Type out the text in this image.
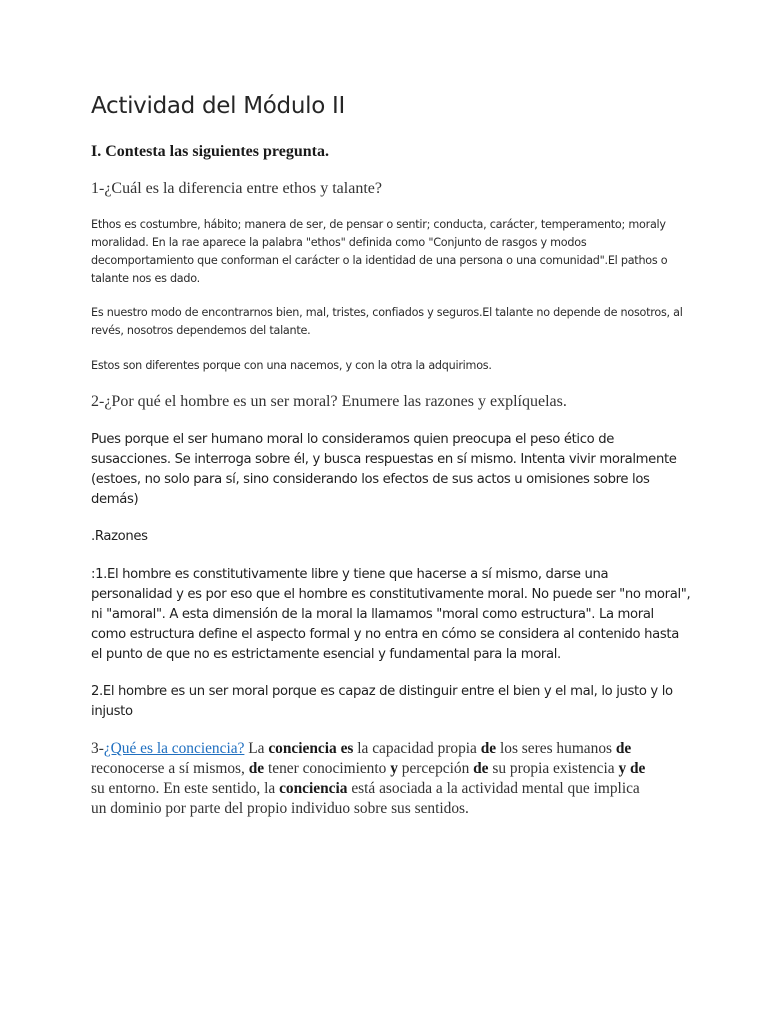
Actividad del Módulo II
I. Contesta las siguientes pregunta.

1-¿Cuál es la diferencia entre ethos y talante?

Ethos es costumbre, hábito; manera de ser, de pensar o sentir; conducta, carácter, temperamento; moraly moralidad. En la rae aparece la palabra "ethos" definida como "Conjunto de rasgos y modos decomportamiento que conforman el carácter o la identidad de una persona o una comunidad".El pathos o talante nos es dado.

Es nuestro modo de encontrarnos bien, mal, tristes, confiados y seguros.El talante no depende de nosotros, al revés, nosotros dependemos del talante.

Estos son diferentes porque con una nacemos, y con la otra la adquirimos.

2-¿Por qué el hombre es un ser moral? Enumere las razones y explíquelas.

Pues porque el ser humano moral lo consideramos quien preocupa el peso ético de susacciones. Se interroga sobre él, y busca respuestas en sí mismo. Intenta vivir moralmente (estoes, no solo para sí, sino considerando los efectos de sus actos u omisiones sobre los demás)

.Razones

:1.El hombre es constitutivamente libre y tiene que hacerse a sí mismo, darse una personalidad y es por eso que el hombre es constitutivamente moral. No puede ser "no moral", ni "amoral". A esta dimensión de la moral la llamamos "moral como estructura". La moral como estructura define el aspecto formal y no entra en cómo se considera al contenido hasta el punto de que no es estrictamente esencial y fundamental para la moral.

2.El hombre es un ser moral porque es capaz de distinguir entre el bien y el mal, lo justo y lo injusto

3-¿Qué es la conciencia? La conciencia es la capacidad propia de los seres humanos de reconocerse a sí mismos, de tener conocimiento y percepción de su propia existencia y de su entorno. En este sentido, la conciencia está asociada a la actividad mental que implica un dominio por parte del propio individuo sobre sus sentidos.
